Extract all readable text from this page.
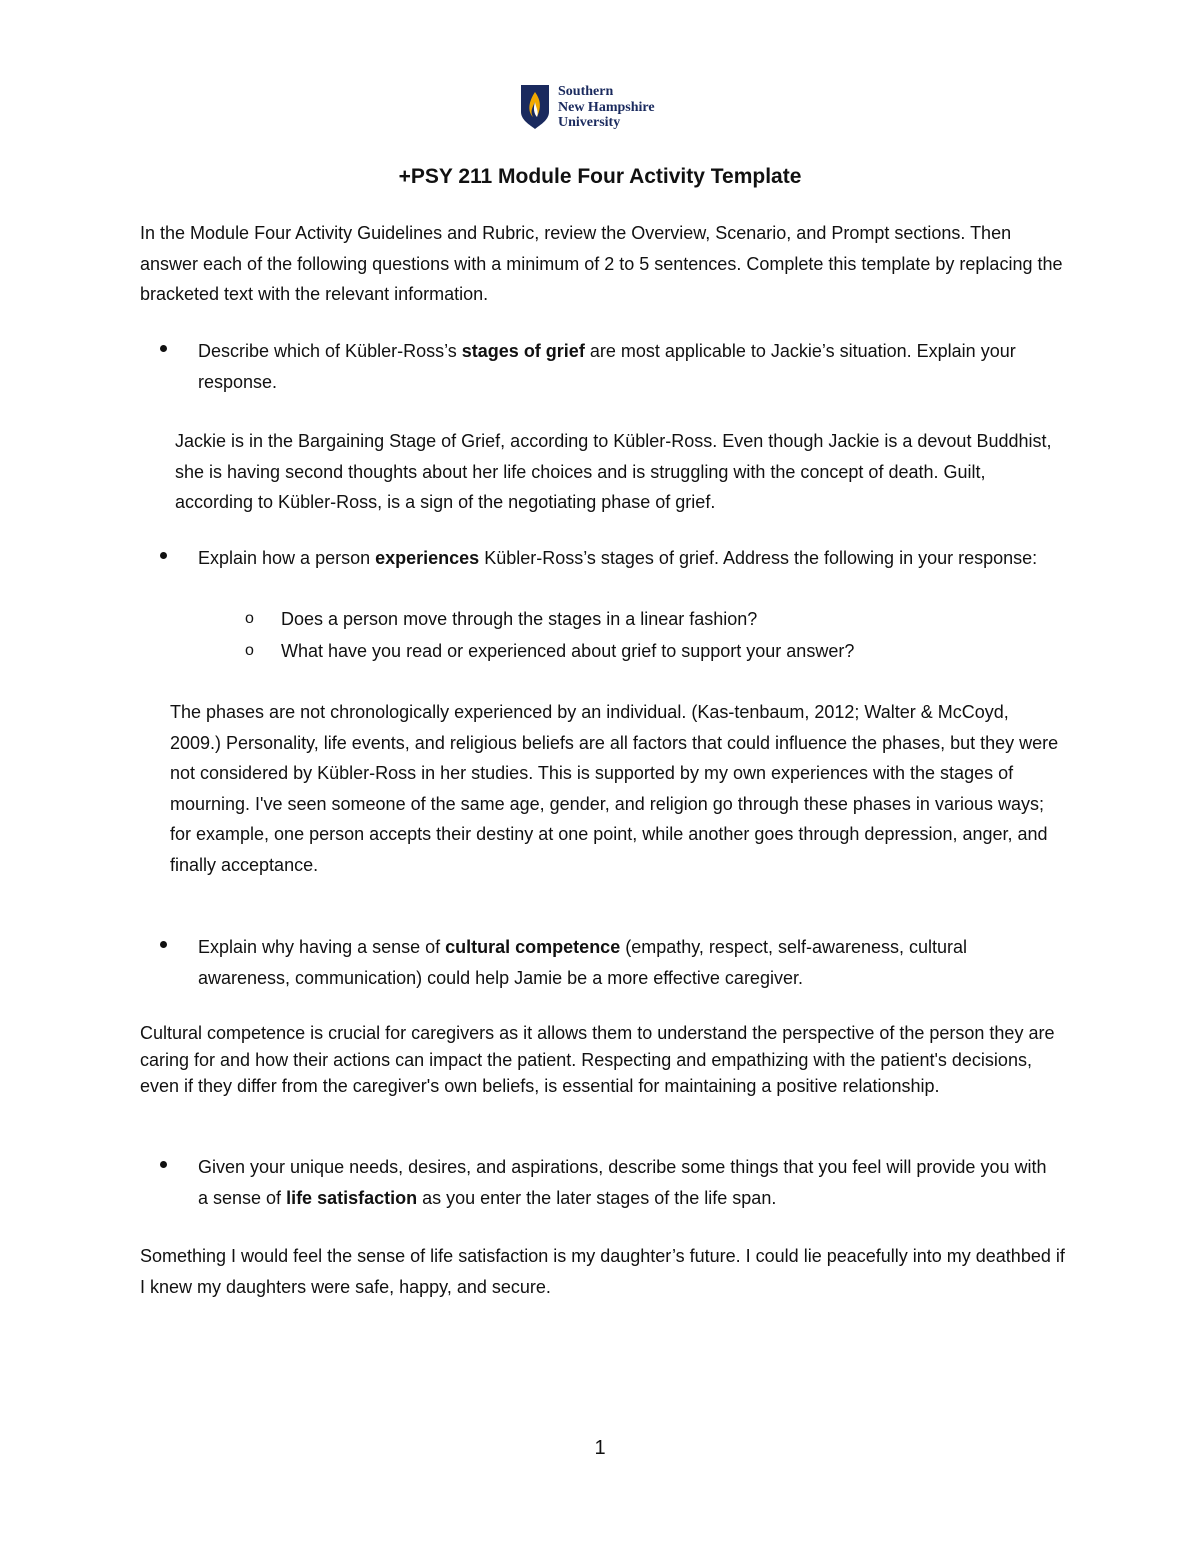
Southern
New Hampshire
University
+PSY 211 Module Four Activity Template

In the Module Four Activity Guidelines and Rubric, review the Overview, Scenario, and Prompt sections. Then answer each of the following questions with a minimum of 2 to 5 sentences. Complete this template by replacing the bracketed text with the relevant information.

Describe which of Kübler-Ross’s stages of grief are most applicable to Jackie’s situation. Explain your response.

Jackie is in the Bargaining Stage of Grief, according to Kübler-Ross. Even though Jackie is a devout Buddhist, she is having second thoughts about her life choices and is struggling with the concept of death. Guilt, according to Kübler-Ross, is a sign of the negotiating phase of grief.

Explain how a person experiences Kübler-Ross’s stages of grief. Address the following in your response:
o Does a person move through the stages in a linear fashion?
o What have you read or experienced about grief to support your answer?

The phases are not chronologically experienced by an individual. (Kas-tenbaum, 2012; Walter & McCoyd, 2009.) Personality, life events, and religious beliefs are all factors that could influence the phases, but they were not considered by Kübler-Ross in her studies. This is supported by my own experiences with the stages of mourning. I've seen someone of the same age, gender, and religion go through these phases in various ways; for example, one person accepts their destiny at one point, while another goes through depression, anger, and finally acceptance.

Explain why having a sense of cultural competence (empathy, respect, self-awareness, cultural awareness, communication) could help Jamie be a more effective caregiver.

Cultural competence is crucial for caregivers as it allows them to understand the perspective of the person they are caring for and how their actions can impact the patient. Respecting and empathizing with the patient's decisions, even if they differ from the caregiver's own beliefs, is essential for maintaining a positive relationship.

Given your unique needs, desires, and aspirations, describe some things that you feel will provide you with a sense of life satisfaction as you enter the later stages of the life span.

Something I would feel the sense of life satisfaction is my daughter’s future. I could lie peacefully into my deathbed if I knew my daughters were safe, happy, and secure.

1
